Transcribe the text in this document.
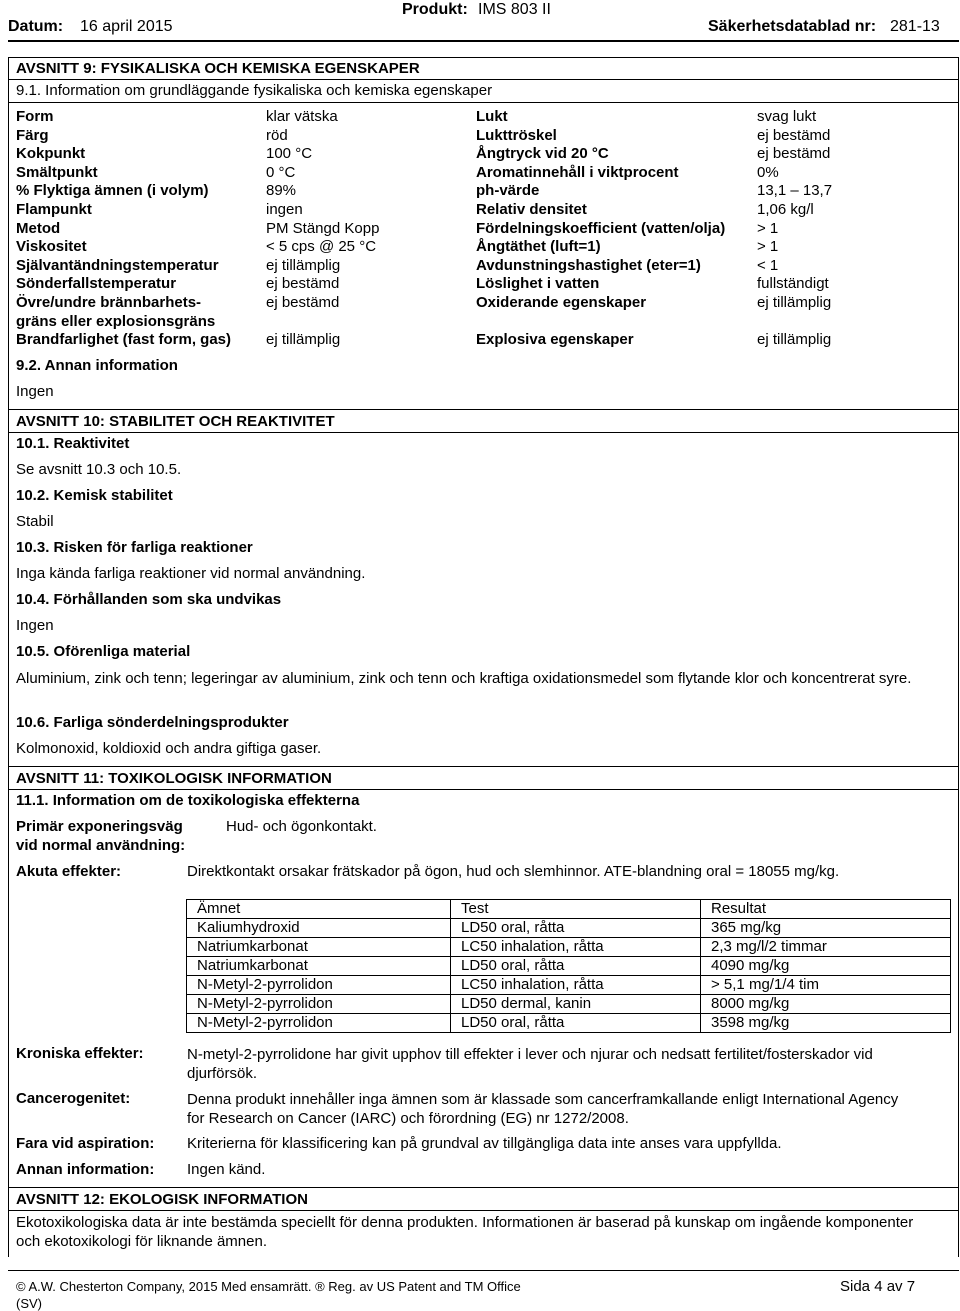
Datum: 16 april 2015
Produkt: IMS 803 II
Säkerhetsdatablad nr: 281-13
AVSNITT 9: FYSIKALISKA OCH KEMISKA EGENSKAPER
9.1. Information om grundläggande fysikaliska och kemiska egenskaper
Form	klar vätska	Lukt	svag lukt
Färg	röd	Lukttröskel	ej bestämd
Kokpunkt	100 °C	Ångtryck vid 20 °C	ej bestämd
Smältpunkt	0 °C	Aromatinnehåll i viktprocent	0%
% Flyktiga ämnen (i volym)	89%	ph-värde	13,1 – 13,7
Flampunkt	ingen	Relativ densitet	1,06 kg/l
Metod	PM Stängd Kopp	Fördelningskoefficient (vatten/olja) > 1
Viskositet	< 5 cps @ 25 °C	Ångtäthet (luft=1)	> 1
Självantändningstemperatur	ej tillämplig	Avdunstningshastighet (eter=1)	< 1
Sönderfallstemperatur	ej bestämd	Löslighet i vatten	fullständigt
Övre/undre brännbarhets-	ej bestämd	Oxiderande egenskaper	ej tillämplig
gräns eller explosionsgräns
Brandfarlighet (fast form, gas) ej tillämplig	Explosiva egenskaper	ej tillämplig
9.2. Annan information
Ingen
AVSNITT 10: STABILITET OCH REAKTIVITET
10.1. Reaktivitet
Se avsnitt 10.3 och 10.5.
10.2. Kemisk stabilitet
Stabil
10.3. Risken för farliga reaktioner
Inga kända farliga reaktioner vid normal användning.
10.4. Förhållanden som ska undvikas
Ingen
10.5. Oförenliga material
Aluminium, zink och tenn; legeringar av aluminium, zink och tenn och kraftiga oxidationsmedel som flytande klor och koncentrerat syre.
10.6. Farliga sönderdelningsprodukter
Kolmonoxid, koldioxid och andra giftiga gaser.
AVSNITT 11: TOXIKOLOGISK INFORMATION
11.1. Information om de toxikologiska effekterna
Primär exponeringsväg
vid normal användning:
Hud- och ögonkontakt.
Akuta effekter:	Direktkontakt orsakar frätskador på ögon, hud och slemhinnor. ATE-blandning oral = 18055 mg/kg.
Ämnet	Test	Resultat
Kaliumhydroxid	LD50 oral, råtta	365 mg/kg
Natriumkarbonat	LC50 inhalation, råtta	2,3 mg/l/2 timmar
Natriumkarbonat	LD50 oral, råtta	4090 mg/kg
N-Metyl-2-pyrrolidon	LC50 inhalation, råtta	> 5,1 mg/1/4 tim
N-Metyl-2-pyrrolidon	LD50 dermal, kanin	8000 mg/kg
N-Metyl-2-pyrrolidon	LD50 oral, råtta	3598 mg/kg
Kroniska effekter:	N-metyl-2-pyrrolidone har givit upphov till effekter i lever och njurar och nedsatt fertilitet/fosterskador vid djurförsök.
Cancerogenitet:	Denna produkt innehåller inga ämnen som är klassade som cancerframkallande enligt International Agency for Research on Cancer (IARC) och förordning (EG) nr 1272/2008.
Fara vid aspiration: Kriterierna för klassificering kan på grundval av tillgängliga data inte anses vara uppfyllda.
Annan information: Ingen känd.
AVSNITT 12: EKOLOGISK INFORMATION
Ekotoxikologiska data är inte bestämda speciellt för denna produkten. Informationen är baserad på kunskap om ingående komponenter och ekotoxikologi för liknande ämnen.
© A.W. Chesterton Company, 2015 Med ensamrätt. ® Reg. av US Patent and TM Office
(SV)
Sida 4 av 7
